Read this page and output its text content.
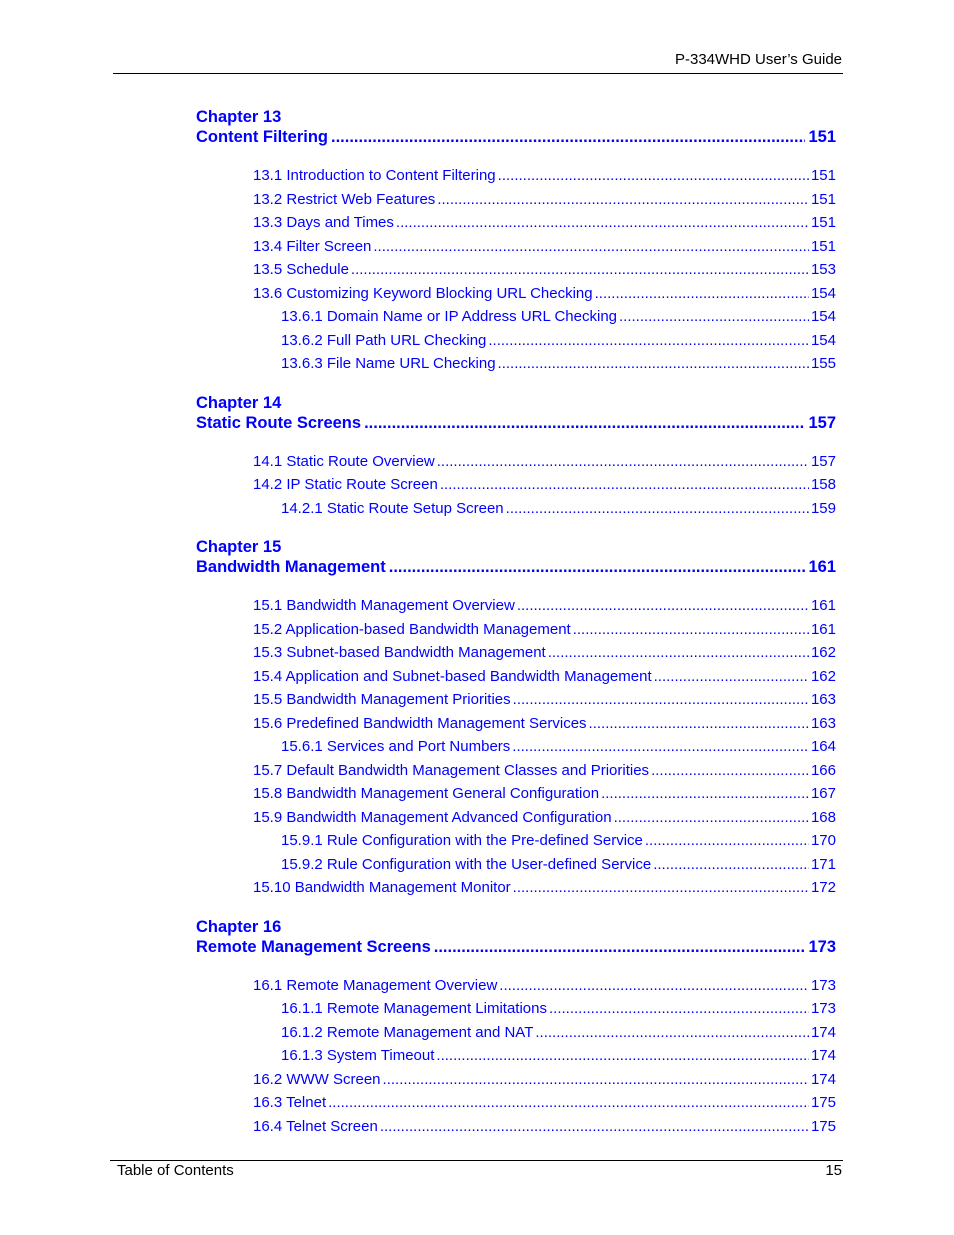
P-334WHD User’s Guide
Chapter 13
Content Filtering .....	151
13.1 Introduction to Content Filtering .....	151
13.2 Restrict Web Features .....	151
13.3 Days and Times .....	151
13.4 Filter Screen .....	151
13.5 Schedule .....	153
13.6 Customizing Keyword Blocking URL Checking .....	154
13.6.1 Domain Name or IP Address URL Checking .....	154
13.6.2 Full Path URL Checking .....	154
13.6.3 File Name URL Checking .....	155
Chapter 14
Static Route Screens .....	157
14.1 Static Route Overview .....	157
14.2 IP Static Route Screen .....	158
14.2.1 Static Route Setup Screen .....	159
Chapter 15
Bandwidth Management .....	161
15.1 Bandwidth Management Overview .....	161
15.2 Application-based Bandwidth Management .....	161
15.3 Subnet-based Bandwidth Management .....	162
15.4 Application and Subnet-based Bandwidth Management .....	162
15.5 Bandwidth Management Priorities .....	163
15.6 Predefined Bandwidth Management Services .....	163
15.6.1 Services and Port Numbers .....	164
15.7 Default Bandwidth Management Classes and Priorities .....	166
15.8 Bandwidth Management General Configuration .....	167
15.9 Bandwidth Management Advanced Configuration .....	168
15.9.1 Rule Configuration with the Pre-defined Service .....	170
15.9.2 Rule Configuration with the User-defined Service .....	171
15.10 Bandwidth Management Monitor .....	172
Chapter 16
Remote Management Screens .....	173
16.1 Remote Management Overview .....	173
16.1.1 Remote Management Limitations .....	173
16.1.2 Remote Management and NAT .....	174
16.1.3 System Timeout .....	174
16.2 WWW Screen .....	174
16.3 Telnet .....	175
16.4 Telnet Screen .....	175
Table of Contents	15
